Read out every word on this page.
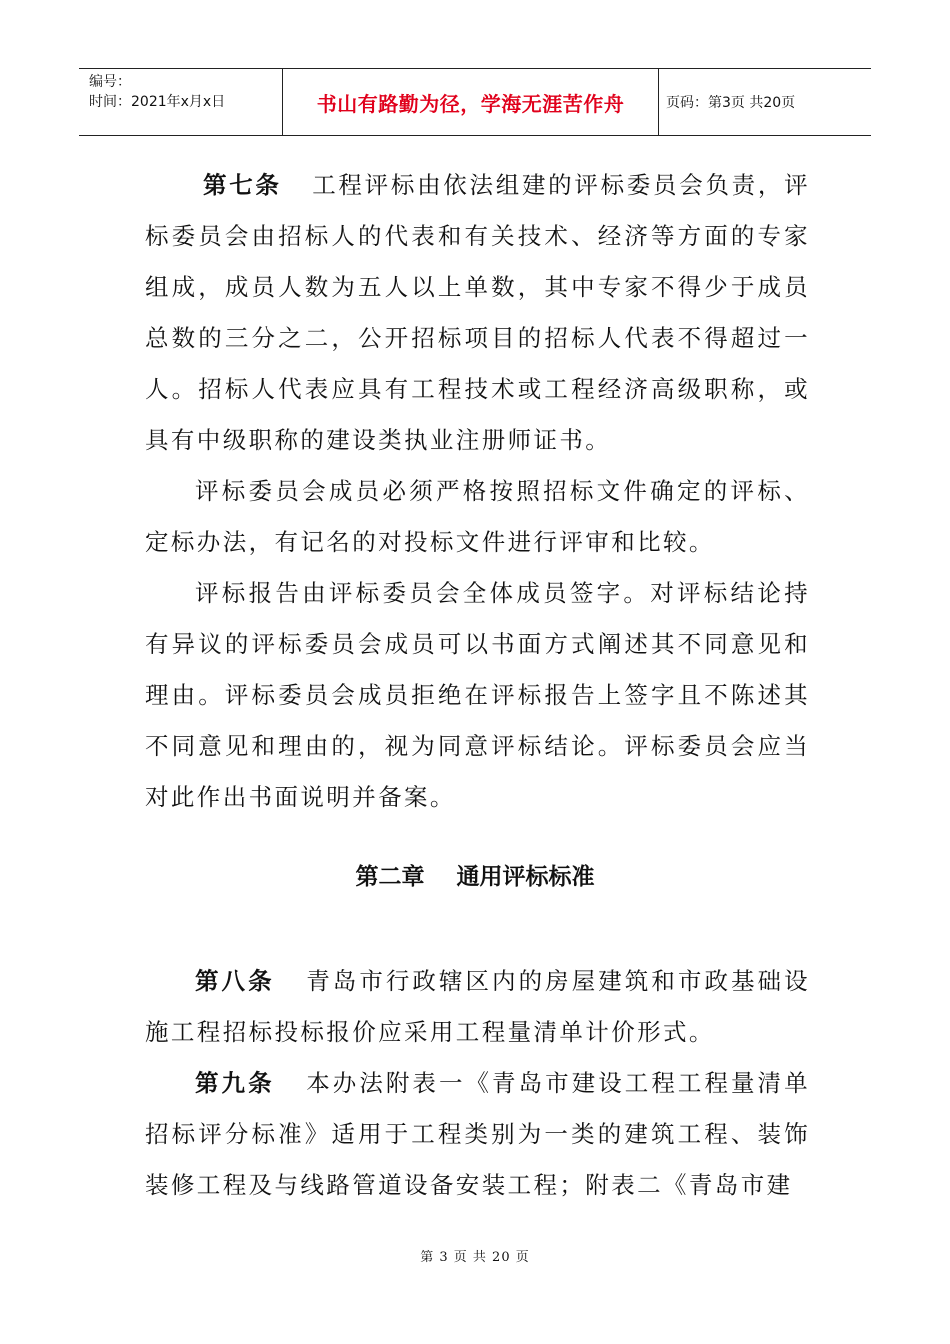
编号：
时间：2021年x月x日	书山有路勤为径，学海无涯苦作舟	页码：第3页 共20页

第七条 工程评标由依法组建的评标委员会负责，评标委员会由招标人的代表和有关技术、经济等方面的专家组成，成员人数为五人以上单数，其中专家不得少于成员总数的三分之二，公开招标项目的招标人代表不得超过一人。招标人代表应具有工程技术或工程经济高级职称，或具有中级职称的建设类执业注册师证书。

评标委员会成员必须严格按照招标文件确定的评标、定标办法，有记名的对投标文件进行评审和比较。

评标报告由评标委员会全体成员签字。对评标结论持有异议的评标委员会成员可以书面方式阐述其不同意见和理由。评标委员会成员拒绝在评标报告上签字且不陈述其不同意见和理由的，视为同意评标结论。评标委员会应当对此作出书面说明并备案。

第二章    通用评标标准

第八条 青岛市行政辖区内的房屋建筑和市政基础设施工程招标投标报价应采用工程量清单计价形式。

第九条 本办法附表一《青岛市建设工程工程量清单招标评分标准》适用于工程类别为一类的建筑工程、装饰装修工程及与线路管道设备安装工程；附表二《青岛市建

第 3 页 共 20 页
